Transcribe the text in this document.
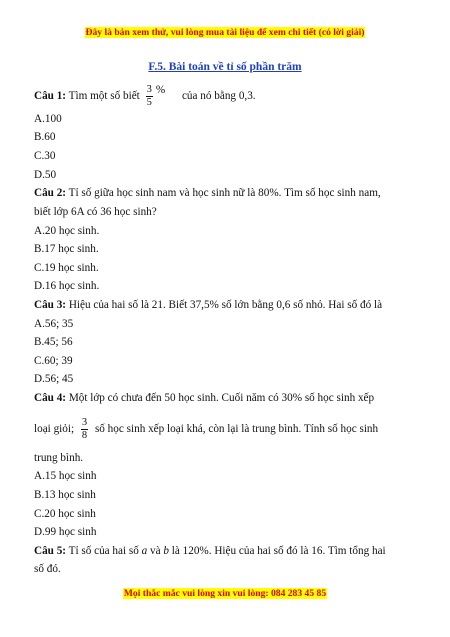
Đây là bản xem thử, vui lòng mua tài liệu để xem chi tiết (có lời giải)
F.5. Bài toán về tỉ số phần trăm
Câu 1: Tìm một số biết $\frac{3}{5}$ % của nó bằng 0,3.
A.100
B.60
C.30
D.50
Câu 2: Tỉ số giữa học sinh nam và học sinh nữ là 80%. Tìm số học sinh nam,
biết lớp 6A có 36 học sinh?
A.20 học sinh.
B.17 học sinh.
C.19 học sinh.
D.16 học sinh.
Câu 3: Hiệu của hai số là 21. Biết 37,5% số lớn bằng 0,6 số nhỏ. Hai số đó là
A.56; 35
B.45; 56
C.60; 39
D.56; 45
Câu 4: Một lớp có chưa đến 50 học sinh. Cuối năm có 30% số học sinh xếp
loại giỏi; $\frac{3}{8}$ số học sinh xếp loại khá, còn lại là trung bình. Tính số học sinh
trung bình.
A.15 học sinh
B.13 học sinh
C.20 học sinh
D.99 học sinh
Câu 5: Tỉ số của hai số a và b là 120%. Hiệu của hai số đó là 16. Tìm tổng hai
số đó.
Mọi thắc mắc vui lòng xin vui lòng: 084 283 45 85
